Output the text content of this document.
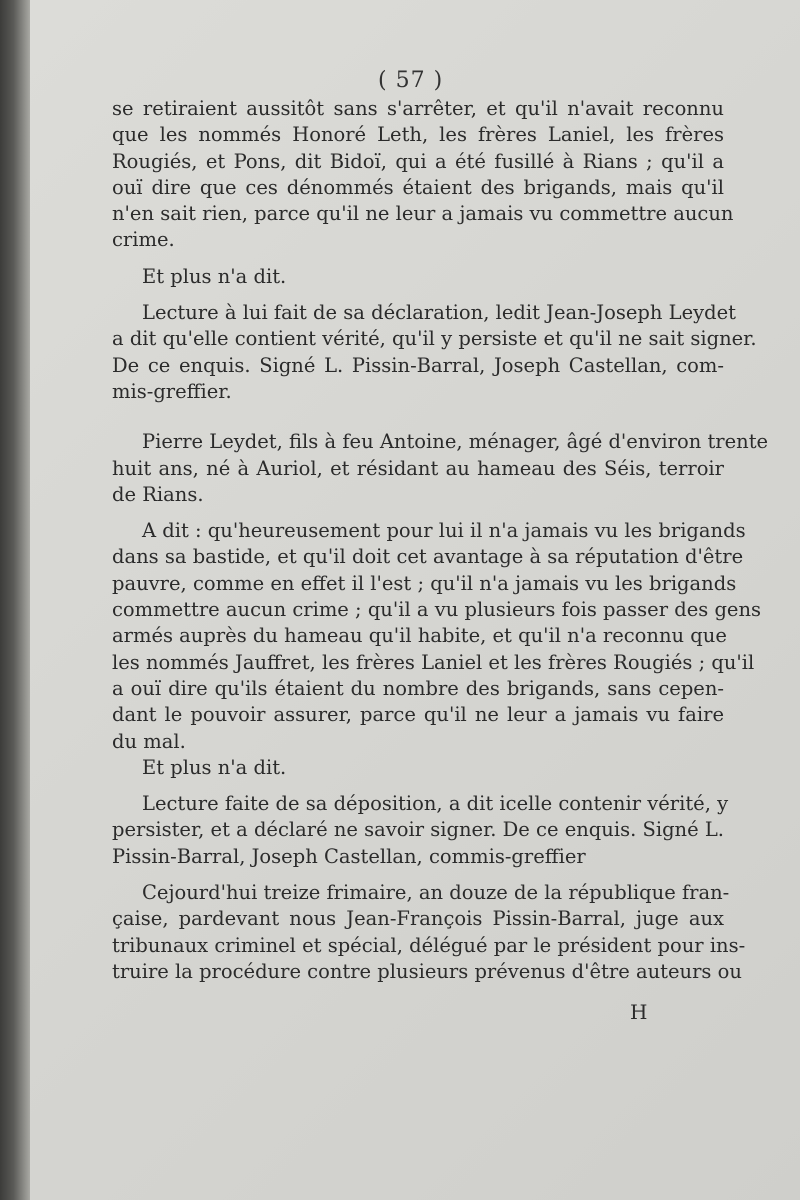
( 57 )
se retiraient aussitôt sans s'arrêter, et qu'il n'avait reconnu
que les nommés Honoré Leth, les frères Laniel, les frères
Rougiés, et Pons, dit Bidoï, qui a été fusillé à Rians ; qu'il a
ouï dire que ces dénommés étaient des brigands, mais qu'il
n'en sait rien, parce qu'il ne leur a jamais vu commettre aucun
crime.
Et plus n'a dit.
Lecture à lui fait de sa déclaration, ledit Jean-Joseph Leydet
a dit qu'elle contient vérité, qu'il y persiste et qu'il ne sait signer.
De ce enquis. Signé L. Pissin-Barral, Joseph Castellan, com-
mis-greffier.
Pierre Leydet, fils à feu Antoine, ménager, âgé d'environ trente
huit ans, né à Auriol, et résidant au hameau des Séis, terroir
de Rians.
A dit : qu'heureusement pour lui il n'a jamais vu les brigands
dans sa bastide, et qu'il doit cet avantage à sa réputation d'être
pauvre, comme en effet il l'est ; qu'il n'a jamais vu les brigands
commettre aucun crime ; qu'il a vu plusieurs fois passer des gens
armés auprès du hameau qu'il habite, et qu'il n'a reconnu que
les nommés Jauffret, les frères Laniel et les frères Rougiés ; qu'il
a ouï dire qu'ils étaient du nombre des brigands, sans cepen-
dant le pouvoir assurer, parce qu'il ne leur a jamais vu faire
du mal.
Et plus n'a dit.
Lecture faite de sa déposition, a dit icelle contenir vérité, y
persister, et a déclaré ne savoir signer. De ce enquis. Signé L.
Pissin-Barral, Joseph Castellan, commis-greffier
Cejourd'hui treize frimaire, an douze de la république fran-
çaise, pardevant nous Jean-François Pissin-Barral, juge aux
tribunaux criminel et spécial, délégué par le président pour ins-
truire la procédure contre plusieurs prévenus d'être auteurs ou
H
